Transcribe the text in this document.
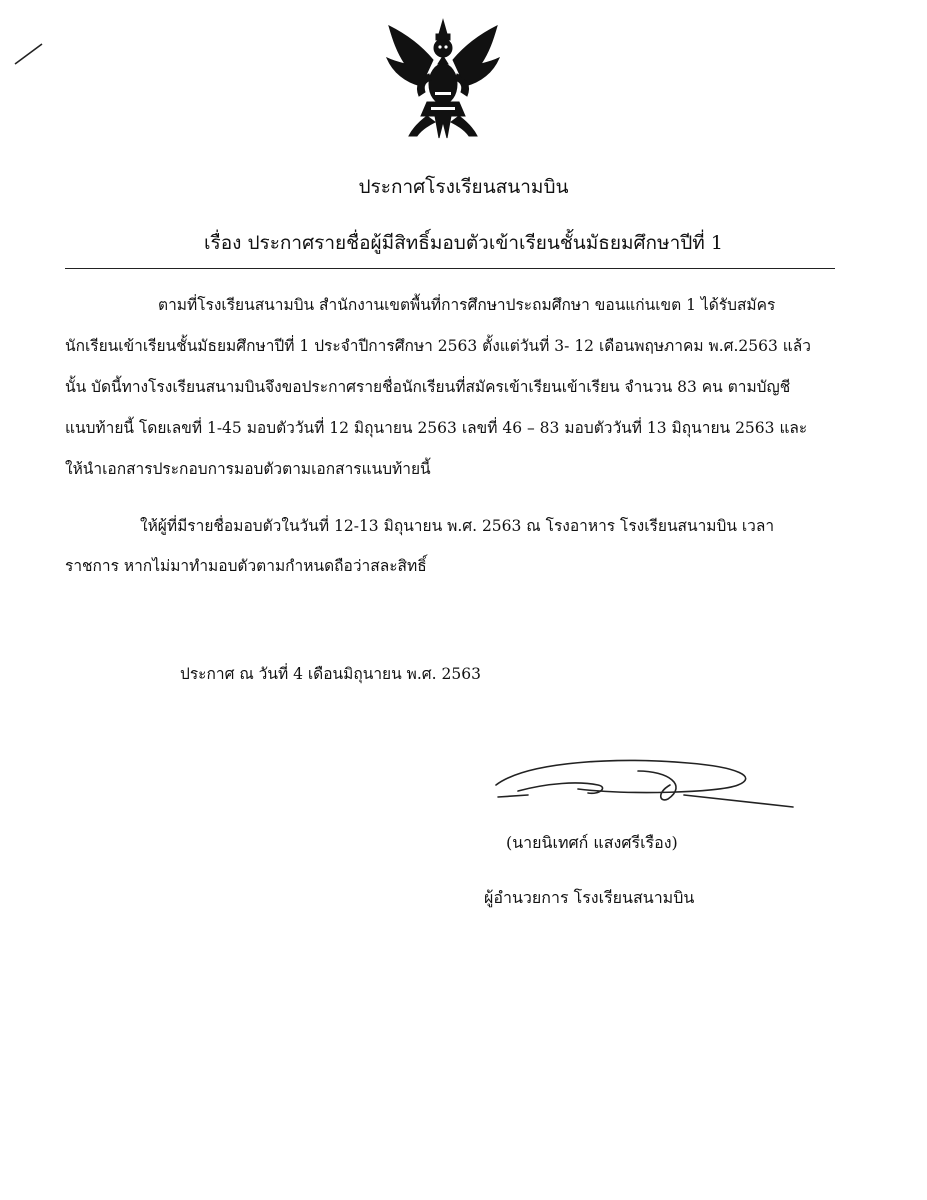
ประกาศโรงเรียนสนามบิน
เรื่อง ประกาศรายชื่อผู้มีสิทธิ์มอบตัวเข้าเรียนชั้นมัธยมศึกษาปีที่ 1

ตามที่โรงเรียนสนามบิน สำนักงานเขตพื้นที่การศึกษาประถมศึกษา ขอนแก่นเขต 1 ได้รับสมัคร

นักเรียนเข้าเรียนชั้นมัธยมศึกษาปีที่ 1 ประจำปีการศึกษา 2563 ตั้งแต่วันที่ 3- 12 เดือนพฤษภาคม พ.ศ.2563 แล้ว

นั้น บัดนี้ทางโรงเรียนสนามบินจึงขอประกาศรายชื่อนักเรียนที่สมัครเข้าเรียนเข้าเรียน จำนวน 83 คน ตามบัญชี

แนบท้ายนี้ โดยเลขที่ 1-45 มอบตัววันที่ 12 มิถุนายน 2563 เลขที่ 46 – 83 มอบตัววันที่ 13 มิถุนายน 2563 และ

ให้นำเอกสารประกอบการมอบตัวตามเอกสารแนบท้ายนี้

ให้ผู้ที่มีรายชื่อมอบตัวในวันที่ 12-13 มิถุนายน พ.ศ. 2563 ณ โรงอาหาร โรงเรียนสนามบิน เวลา

ราชการ หากไม่มาทำมอบตัวตามกำหนดถือว่าสละสิทธิ์

ประกาศ ณ วันที่ 4 เดือนมิถุนายน พ.ศ. 2563

(นายนิเทศก์ แสงศรีเรือง)

ผู้อำนวยการ โรงเรียนสนามบิน
